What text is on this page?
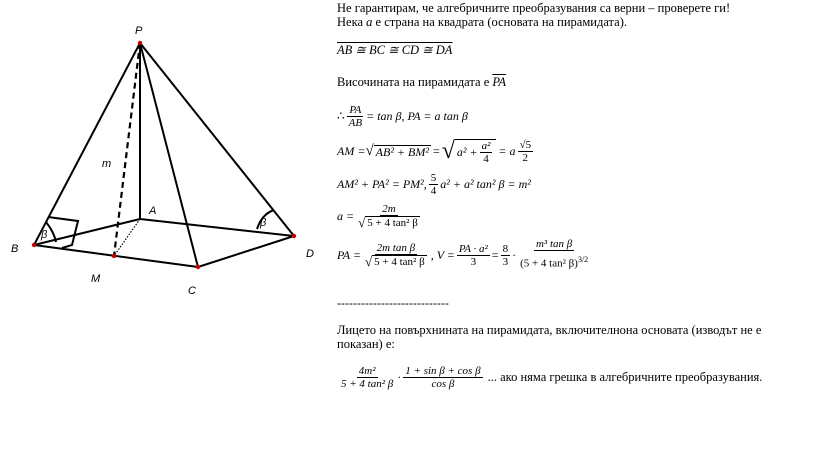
P
A
B
C
D
M
m
β
β
Не гарантирам, че алгебричните преобразувания са верни – проверете ги!
Нека a е страна на квадрата (основата на пирамидата).
AB ≅ BC ≅ CD ≅ DA
Височината на пирамидата е $\overline{PA}$
∴ $\frac{PA}{AB} = \tan \beta$, PA = a tan β
AM = √ AB² + BM² = √ $a^2 + \frac{\text{a²}}{4} = a \frac{√5}{2}$
AM² + PA² = PM², $\frac{5}{4} a^2 + a^2$ tan² β = m²
$a = \frac{2m}{\text{√ 5 + 4 tan² β}}$
PA = $\frac{\text{2m tan β}}{\text{√ 5 + 4 tan² β}}$ , $V = \frac{\text{PA · a²}}{3} = \frac{8}{3} \cdot \frac{\text{m³ tan β}}{(5 + 4 \tan^2 \beta)^{3/2}}$
----------------------------
Лицето на повърхнината на пирамидата, включителнона основата (изводът не е
показан) е:
$\frac{\text{4m²}}{\text{5 + 4 tan² β}} \cdot \frac{\text{1 + sin β + cos β}}{\text{cos β}}$ ... ако няма грешка в алгебричните преобразувания.
